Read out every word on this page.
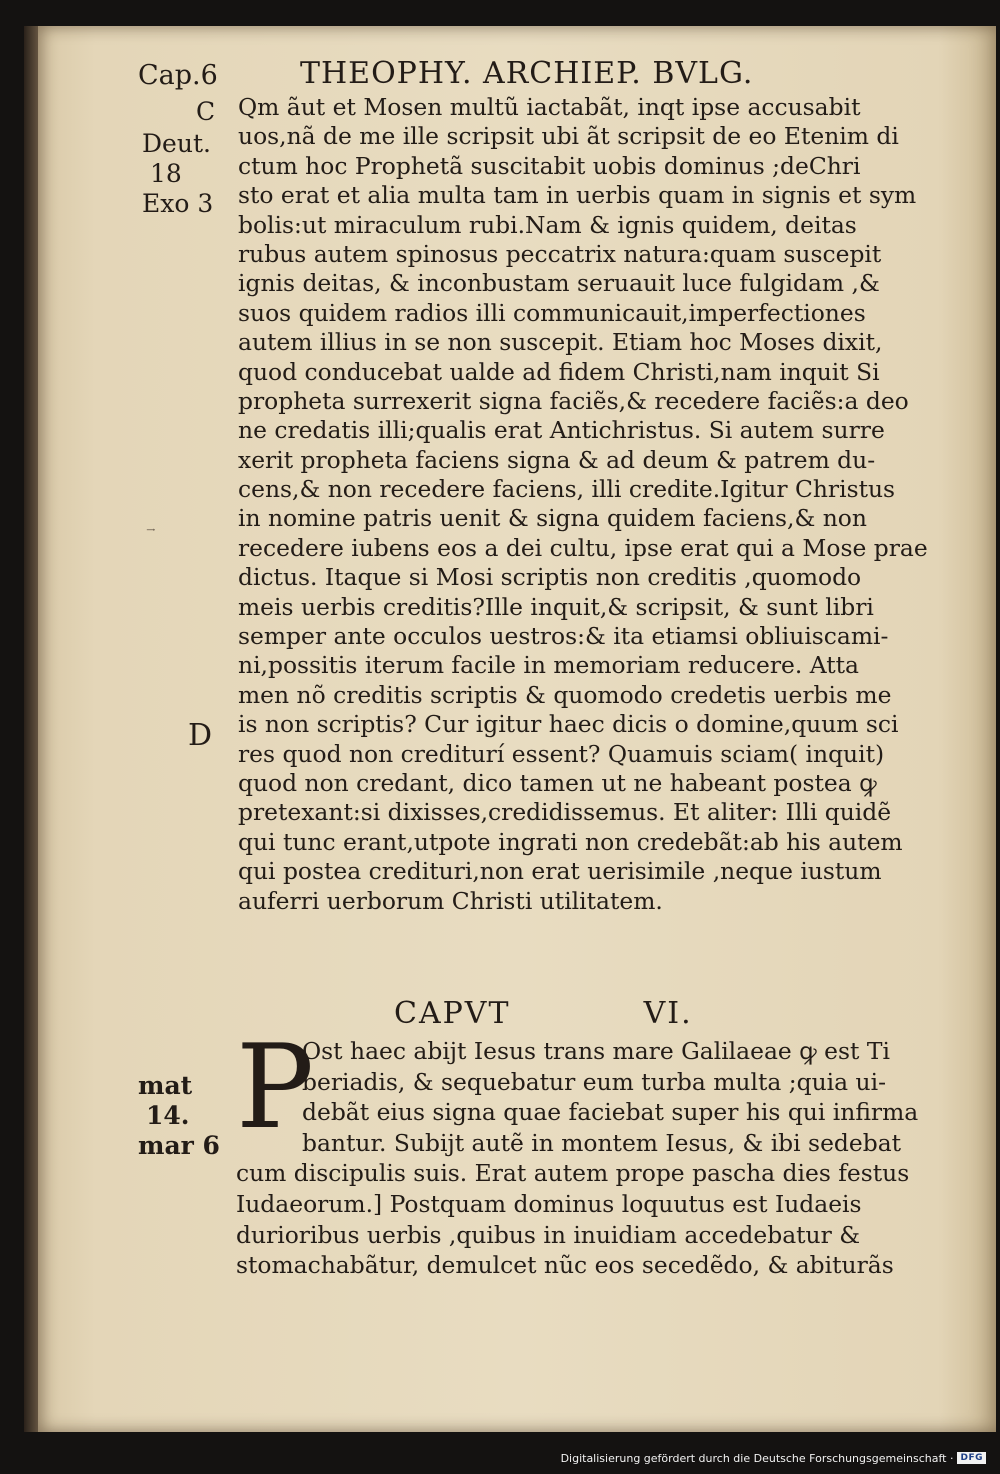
Cap.6	THEOPHY. ARCHIEP. BVLG.
C
Deut.
18
Exo 3
D
mat
14.
mar 6
Qm ãut et Mosen multũ iactabãt, inqt ipse accusabit
uos,nã de me ille scripsit ubi ãt scripsit de eo Etenim di
ctum hoc Prophetã suscitabit uobis dominus ;deChri
sto erat et alia multa tam in uerbis quam in signis et sym
bolis:ut miraculum rubi.Nam & ignis quidem, deitas
rubus autem spinosus peccatrix natura:quam suscepit
ignis deitas, & inconbustam seruauit luce fulgidam ,&
suos quidem radios illi communicauit,imperfectiones
autem illius in se non suscepit. Etiam hoc Moses dixit,
quod conducebat ualde ad fidem Christi,nam inquit Si
propheta surrexerit signa faciẽs,& recedere faciẽs:a deo
ne credatis illi;qualis erat Antichristus. Si autem surre
xerit propheta faciens signa & ad deum & patrem du-
cens,& non recedere faciens, illi credite.Igitur Christus
in nomine patris uenit & signa quidem faciens,& non
recedere iubens eos a dei cultu, ipse erat qui a Mose prae
dictus. Itaque si Mosi scriptis non creditis ,quomodo
meis uerbis creditis?Ille inquit,& scripsit, & sunt libri
semper ante occulos uestros:& ita etiamsi obliuiscami-
ni,possitis iterum facile in memoriam reducere. Atta
men nõ creditis scriptis & quomodo credetis uerbis me
is non scriptis? Cur igitur haec dicis o domine,quum sci
res quod non crediturí essent? Quamuis sciam( inquit)
quod non credant, dico tamen ut ne habeant postea ꝙ
pretexant:si dixisses,credidissemus. Et aliter: Illi quidẽ
qui tunc erant,utpote ingrati non credebãt:ab his autem
qui postea credituri,non erat uerisimile ,neque iustum
auferri uerborum Christi utilitatem.
CAPVT	VI.
P
Ost haec abijt Iesus trans mare Galilaeae ꝙ est Ti
beriadis, & sequebatur eum turba multa ;quia ui-
debãt eius signa quae faciebat super his qui infirma
bantur. Subijt autẽ in montem Iesus, & ibi sedebat
cum discipulis suis. Erat autem prope pascha dies festus
Iudaeorum.] Postquam dominus loquutus est Iudaeis
durioribus uerbis ,quibus in inuidiam accedebatur &
stomachabãtur, demulcet nũc eos secedẽdo, & abiturãs
Digitalisierung gefördert durch die Deutsche Forschungsgemeinschaft · DFG
